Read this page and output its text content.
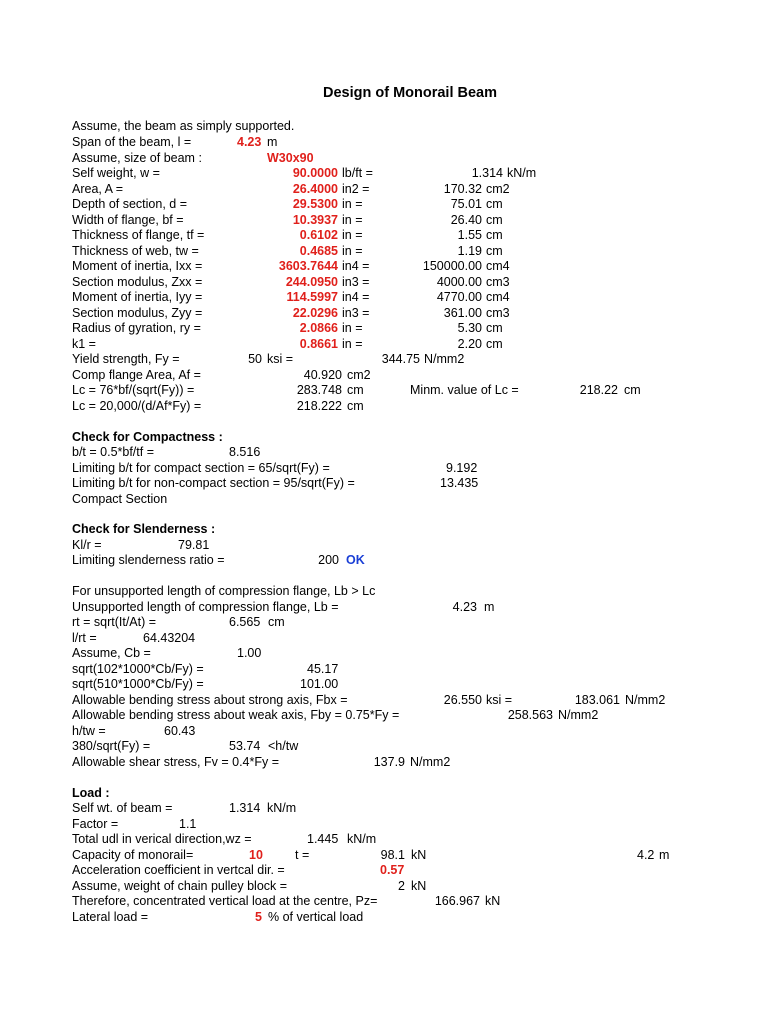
Design of Monorail Beam
Assume, the beam as simply supported.
Span of the beam, l =	4.23 m
Assume, size of beam :	W30x90
Self weight, w =	90.0000 lb/ft =	1.314 kN/m
Area, A =	26.4000 in2 =	170.32 cm2
Depth of section, d =	29.5300 in =	75.01 cm
Width of flange, bf =	10.3937 in =	26.40 cm
Thickness of flange, tf =	0.6102 in =	1.55 cm
Thickness of web, tw =	0.4685 in =	1.19 cm
Moment of inertia, Ixx =	3603.7644 in4 =	150000.00 cm4
Section modulus, Zxx =	244.0950 in3 =	4000.00 cm3
Moment of inertia, Iyy =	114.5997 in4 =	4770.00 cm4
Section modulus, Zyy =	22.0296 in3 =	361.00 cm3
Radius of gyration, ry =	2.0866 in =	5.30 cm
k1 =	0.8661 in =	2.20 cm
Yield strength, Fy =	50 ksi =	344.75 N/mm2
Comp flange Area, Af =	40.920 cm2
Lc = 76*bf/(sqrt(Fy)) =	283.748 cm	Minm. value of Lc =	218.22 cm
Lc = 20,000/(d/Af*Fy) =	218.222 cm
Check for Compactness :
b/t = 0.5*bf/tf =	8.516
Limiting b/t for compact section = 65/sqrt(Fy) =	9.192
Limiting b/t for non-compact section = 95/sqrt(Fy) =	13.435
Compact Section
Check for Slenderness :
Kl/r =	79.81
Limiting slenderness ratio =	200 OK
For unsupported length of compression flange, Lb > Lc
Unsupported length of compression flange, Lb =	4.23 m
rt = sqrt(It/At) =	6.565 cm
l/rt =	64.43204
Assume, Cb =	1.00
sqrt(102*1000*Cb/Fy) =	45.17
sqrt(510*1000*Cb/Fy) =	101.00
Allowable bending stress about strong axis, Fbx =	26.550 ksi =	183.061 N/mm2
Allowable bending stress about weak axis, Fby = 0.75*Fy =	258.563 N/mm2
h/tw =	60.43
380/sqrt(Fy) =	53.74 <h/tw
Allowable shear stress, Fv = 0.4*Fy =	137.9 N/mm2
Load :
Self wt. of beam =	1.314 kN/m
Factor =	1.1
Total udl in verical direction,wz =	1.445 kN/m
Capacity of monorail=	10	t =	98.1 kN	4.2 m
Acceleration coefficient in vertcal dir. =	0.57
Assume, weight of chain pulley block =	2 kN
Therefore, concentrated vertical load at the centre, Pz=	166.967 kN
Lateral load =	5 % of vertical load
